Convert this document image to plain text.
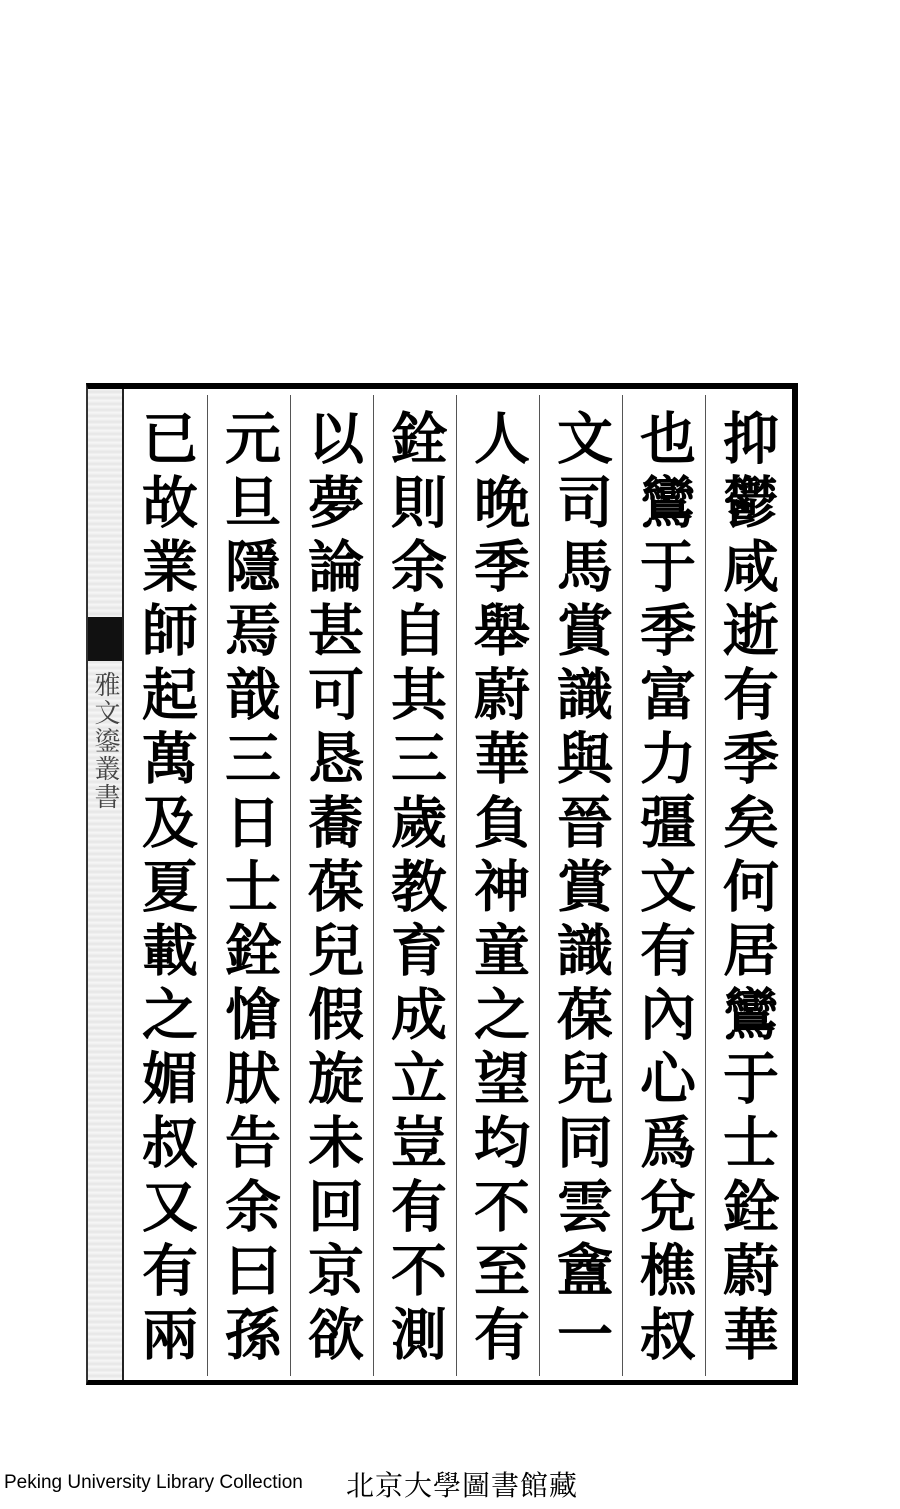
雅文鎏叢書
抑鬱咸逝有季矣何居鸞于士銓蔚華
也鸞于季富力彊文有內心爲兌樵叔
文司馬賞識與晉賞識葆兒同雲盦一
人晚季舉蔚華負神童之望均不至有
銓則余自其三歲教育成立豈有不測
以夢論甚可恳蕎葆兒假旋未回京欲
元旦隱焉戠三日士銓愴肰告余曰孫
已故業師起萬及夏載之媚叔又有兩
Peking University Library Collection 北京大學圖書館藏
